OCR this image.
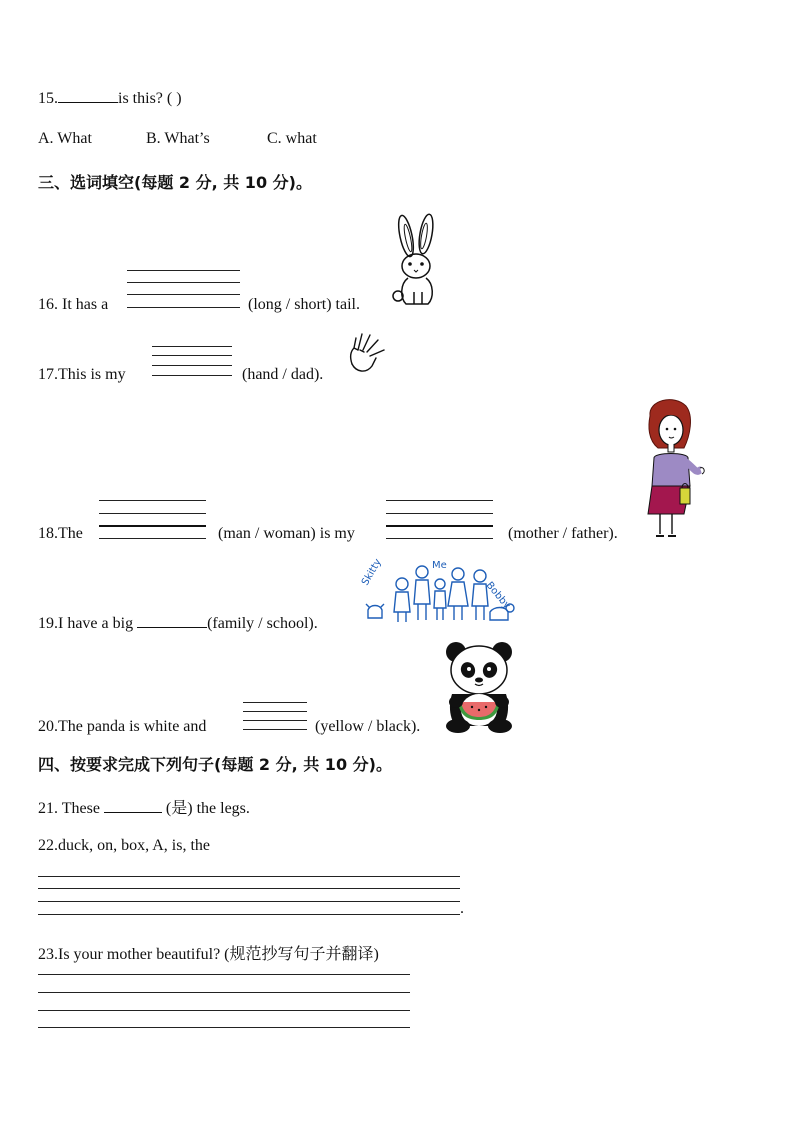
15.	is this? ( )
A. What	B. What’s	C. what
三、选词填空(每题 2 分, 共 10 分)。
16. It has a	(long / short) tail.
17.This is my	(hand / dad).
18.The	(man / woman) is my	(mother / father).
19.I have a big	(family / school).
Skitty	Me
Bobby
20.The panda is white and	(yellow / black).
四、按要求完成下列句子(每题 2 分, 共 10 分)。
21. These	(是) the legs.
22.duck, on, box, A, is, the
.
23.Is your mother beautiful? (规范抄写句子并翻译)
